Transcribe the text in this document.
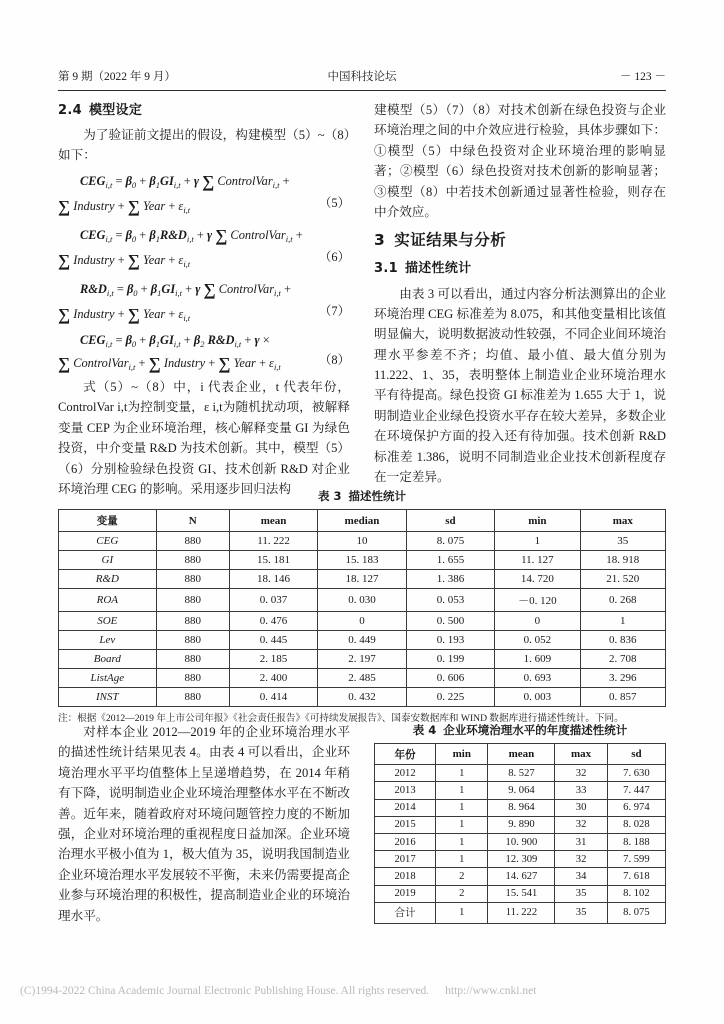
第 9 期（2022 年 9 月）	中国科技论坛	－ 123 －
2.4 模型设定

为了验证前文提出的假设，构建模型（5）~（8）如下：

$CEG_{i,t} = \beta_0 + \beta_1GI_{i,t} + \gamma$ ∑ ControlVar$_{i,t}$ +
（5）
∑ Industry + ∑ Year + $\varepsilon_{i,t}$
$CEG_{i,t} = \beta_0$ + $\beta_1R\&D_{i,t} + \gamma$ ∑ ControlVar$_{i,t}$ +
（6）
∑ Industry + ∑ Year + $\varepsilon_{i,t}$
$R\&D_{i,t} = \beta_0 + \beta_1GI_{i,t} + \gamma$ ∑ ControlVar$_{i,t}$ +
（7）
∑ Industry + ∑ Year + $\varepsilon_{i,t}$
$CEG_{i,t} = \beta_0 + \beta_1GI_{i,t} + \beta_2$ $R\&D_{i,t} + \gamma$ ×
（8）
∑ ControlVar$_{i,t}$ + ∑ Industry + ∑ Year + $\varepsilon_{i,t}$

式（5）~（8）中，i 代表企业，t 代表年份，ControlVar i,t为控制变量，ε i,t为随机扰动项，被解释变量 CEP 为企业环境治理，核心解释变量 GI 为绿色投资，中介变量 R&D 为技术创新。其中，模型（5）（6）分别检验绿色投资 GI、技术创新 R&D 对企业环境治理 CEG 的影响。采用逐步回归法构

建模型（5）（7）（8）对技术创新在绿色投资与企业环境治理之间的中介效应进行检验，具体步骤如下：①模型（5）中绿色投资对企业环境治理的影响显著；②模型（6）绿色投资对技术创新的影响显著；③模型（8）中若技术创新通过显著性检验，则存在中介效应。

3 实证结果与分析
3.1 描述性统计

由表 3 可以看出，通过内容分析法测算出的企业环境治理 CEG 标准差为 8.075，和其他变量相比该值明显偏大，说明数据波动性较强，不同企业间环境治理水平参差不齐；均值、最小值、最大值分别为 11.222、1、35，表明整体上制造业企业环境治理水平有待提高。绿色投资 GI 标准差为 1.655 大于 1，说明制造业企业绿色投资水平存在较大差异，多数企业在环境保护方面的投入还有待加强。技术创新 R&D 标准差 1.386，说明不同制造业企业技术创新程度存在一定差异。

表 3 描述性统计
变量	N	mean	median	sd	min	max
CEG	880	11. 222	10	8. 075	1	35
GI	880	15. 181	15. 183	1. 655	11. 127	18. 918
R&D	880	18. 146	18. 127	1. 386	14. 720	21. 520
ROA	880	0. 037	0. 030	0. 053	－0. 120	0. 268
SOE	880	0. 476	0	0. 500	0	1
Lev	880	0. 445	0. 449	0. 193	0. 052	0. 836
Board	880	2. 185	2. 197	0. 199	1. 609	2. 708
ListAge	880	2. 400	2. 485	0. 606	0. 693	3. 296
INST	880	0. 414	0. 432	0. 225	0. 003	0. 857
注：根据《2012—2019 年上市公司年报》《社会责任报告》《可持续发展报告》、国泰安数据库和 WIND 数据库进行描述性统计。下同。

对样本企业 2012—2019 年的企业环境治理水平的描述性统计结果见表 4。由表 4 可以看出，企业环境治理水平平均值整体上呈递增趋势，在 2014 年稍有下降，说明制造业企业环境治理整体水平在不断改善。近年来，随着政府对环境问题管控力度的不断加强，企业对环境治理的重视程度日益加深。企业环境治理水平极小值为 1，极大值为 35，说明我国制造业企业环境治理水平发展较不平衡，未来仍需要提高企业参与环境治理的积极性，提高制造业企业的环境治理水平。

表 4 企业环境治理水平的年度描述性统计
年份	min	mean	max	sd
2012	1	8. 527	32	7. 630
2013	1	9. 064	33	7. 447
2014	1	8. 964	30	6. 974
2015	1	9. 890	32	8. 028
2016	1	10. 900	31	8. 188
2017	1	12. 309	32	7. 599
2018	2	14. 627	34	7. 618
2019	2	15. 541	35	8. 102
合计	1	11. 222	35	8. 075
(C)1994-2022 China Academic Journal Electronic Publishing House. All rights reserved. http://www.cnki.net
